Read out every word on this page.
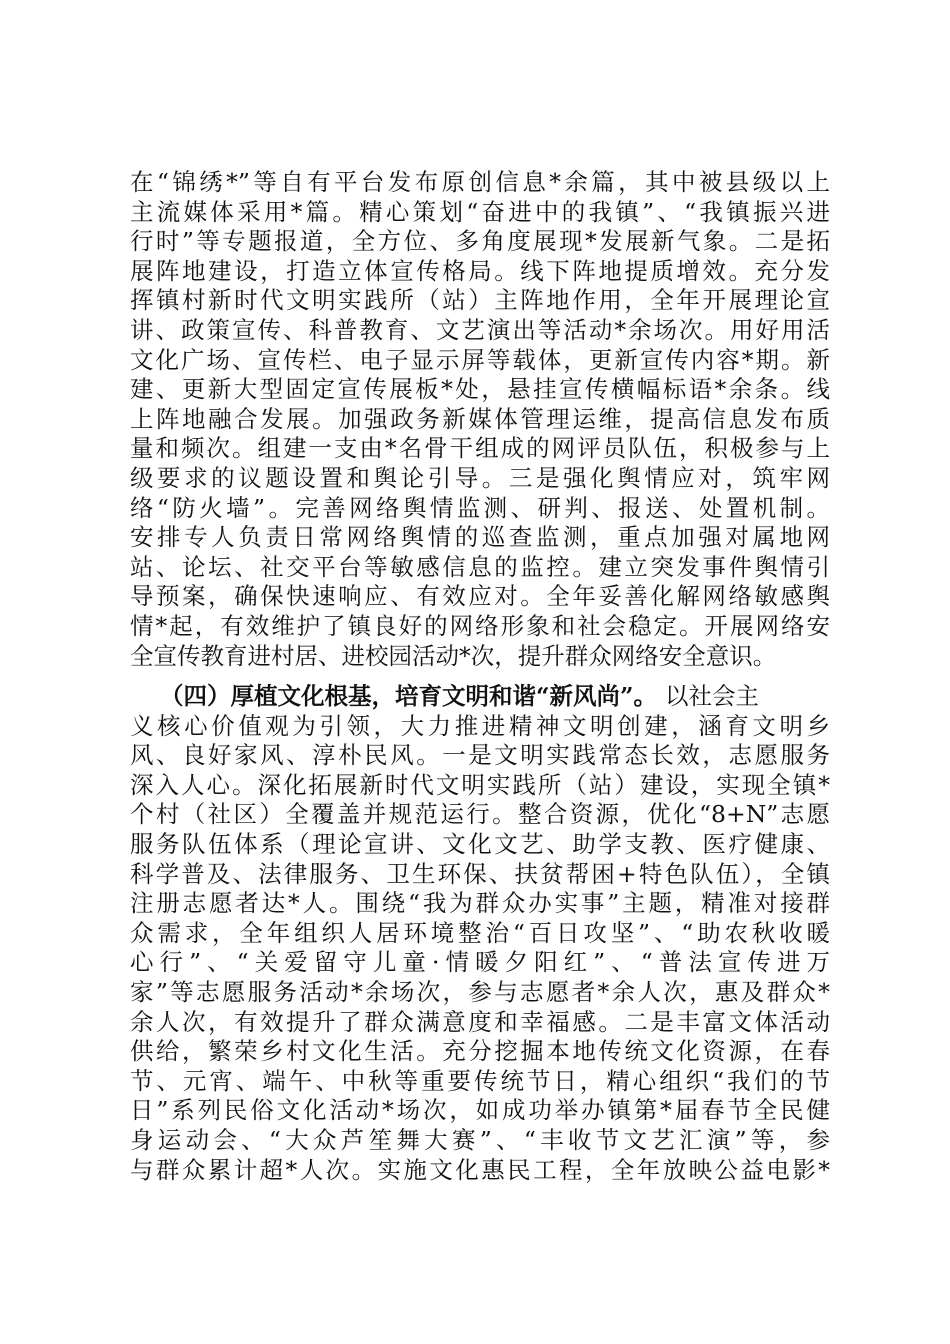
在“锦绣*”等自有平台发布原创信息*余篇，其中被县级以上
主流媒体采用*篇。精心策划“奋进中的我镇”、“我镇振兴进
行时”等专题报道，全方位、多角度展现*发展新气象。二是拓
展阵地建设，打造立体宣传格局。线下阵地提质增效。充分发
挥镇村新时代文明实践所（站）主阵地作用，全年开展理论宣
讲、政策宣传、科普教育、文艺演出等活动*余场次。用好用活
文化广场、宣传栏、电子显示屏等载体，更新宣传内容*期。新
建、更新大型固定宣传展板*处，悬挂宣传横幅标语*余条。线
上阵地融合发展。加强政务新媒体管理运维，提高信息发布质
量和频次。组建一支由*名骨干组成的网评员队伍，积极参与上
级要求的议题设置和舆论引导。三是强化舆情应对，筑牢网
络“防火墙”。完善网络舆情监测、研判、报送、处置机制。
安排专人负责日常网络舆情的巡查监测，重点加强对属地网
站、论坛、社交平台等敏感信息的监控。建立突发事件舆情引
导预案，确保快速响应、有效应对。全年妥善化解网络敏感舆
情*起，有效维护了镇良好的网络形象和社会稳定。开展网络安
全宣传教育进村居、进校园活动*次，提升群众网络安全意识。
（四）厚植文化根基，培育文明和谐“新风尚”。 以社会主
义核心价值观为引领，大力推进精神文明创建，涵育文明乡
风、良好家风、淳朴民风。一是文明实践常态长效，志愿服务
深入人心。深化拓展新时代文明实践所（站）建设，实现全镇*
个村（社区）全覆盖并规范运行。整合资源，优化“8+N”志愿
服务队伍体系（理论宣讲、文化文艺、助学支教、医疗健康、
科学普及、法律服务、卫生环保、扶贫帮困+特色队伍），全镇
注册志愿者达*人。围绕“我为群众办实事”主题，精准对接群
众需求，全年组织人居环境整治“百日攻坚”、“助农秋收暖
心行”、“关爱留守儿童·情暖夕阳红”、“普法宣传进万
家”等志愿服务活动*余场次，参与志愿者*余人次，惠及群众*
余人次，有效提升了群众满意度和幸福感。二是丰富文体活动
供给，繁荣乡村文化生活。充分挖掘本地传统文化资源，在春
节、元宵、端午、中秋等重要传统节日，精心组织“我们的节
日”系列民俗文化活动*场次，如成功举办镇第*届春节全民健
身运动会、“大众芦笙舞大赛”、“丰收节文艺汇演”等，参
与群众累计超*人次。实施文化惠民工程，全年放映公益电影*
